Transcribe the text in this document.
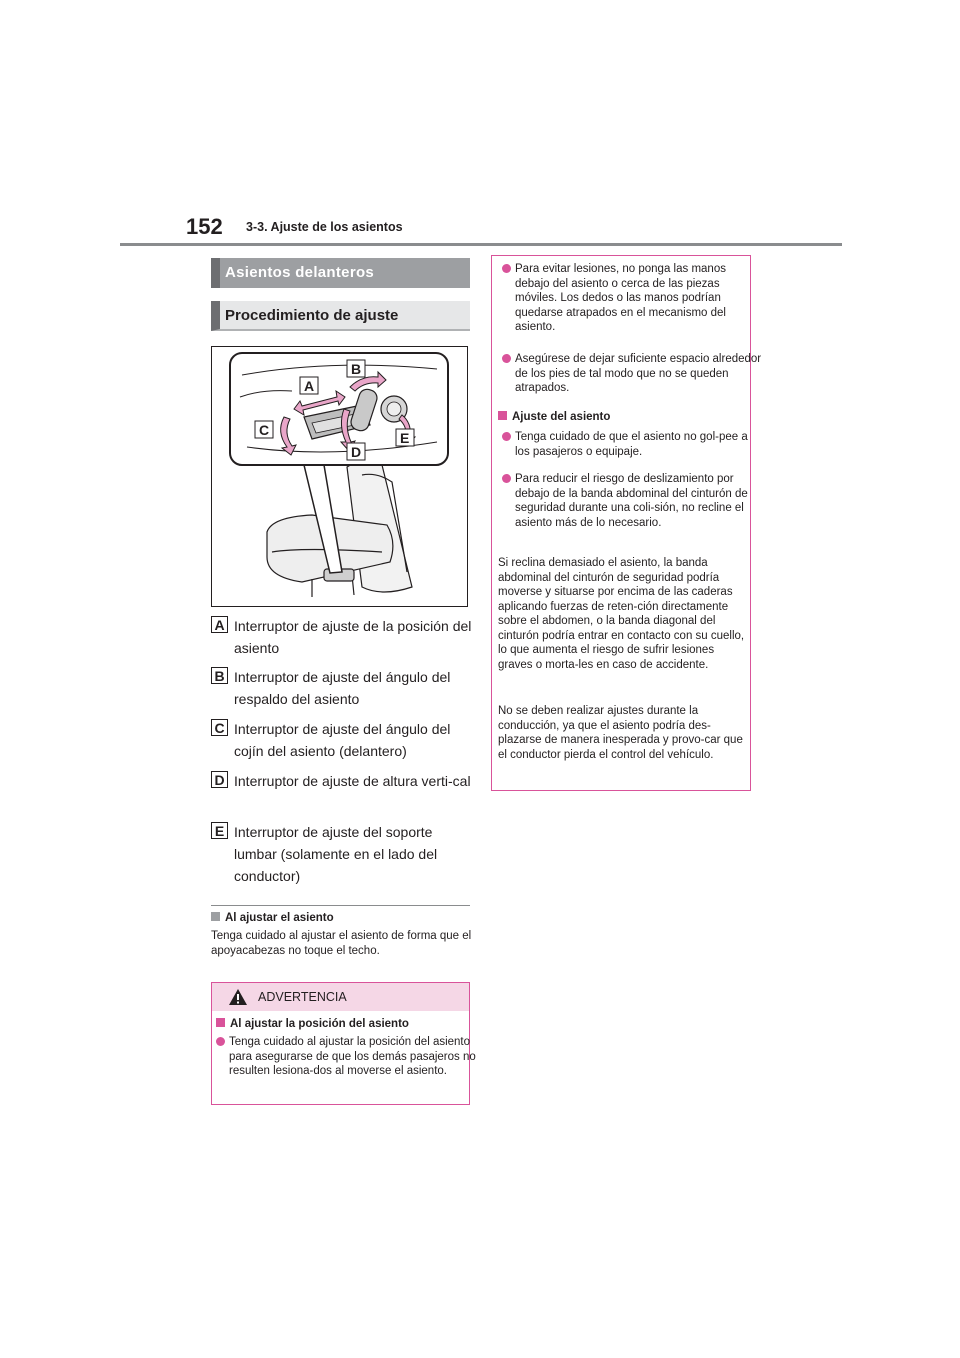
152 3-3. Ajuste de los asientos
Asientos delanteros
Procedimiento de ajuste
A
B
C
D
E
A Interruptor de ajuste de la posición del asiento
B Interruptor de ajuste del ángulo del respaldo del asiento
C Interruptor de ajuste del ángulo del cojín del asiento (delantero)
D Interruptor de ajuste de altura verti-cal
E Interruptor de ajuste del soporte lumbar (solamente en el lado del conductor)
Al ajustar el asiento
Tenga cuidado al ajustar el asiento de forma que el apoyacabezas no toque el techo.
ADVERTENCIA
Al ajustar la posición del asiento
Tenga cuidado al ajustar la posición del asiento para asegurarse de que los demás pasajeros no resulten lesiona-dos al moverse el asiento.
Para evitar lesiones, no ponga las manos debajo del asiento o cerca de las piezas móviles. Los dedos o las manos podrían quedarse atrapados en el mecanismo del asiento.
Asegúrese de dejar suficiente espacio alrededor de los pies de tal modo que no se queden atrapados.
Ajuste del asiento
Tenga cuidado de que el asiento no gol-pee a los pasajeros o equipaje.
Para reducir el riesgo de deslizamiento por debajo de la banda abdominal del cinturón de seguridad durante una coli-sión, no recline el asiento más de lo necesario.
Si reclina demasiado el asiento, la banda abdominal del cinturón de seguridad podría moverse y situarse por encima de las caderas aplicando fuerzas de reten-ción directamente sobre el abdomen, o la banda diagonal del cinturón podría entrar en contacto con su cuello, lo que aumenta el riesgo de sufrir lesiones graves o morta-les en caso de accidente.
No se deben realizar ajustes durante la conducción, ya que el asiento podría des-plazarse de manera inesperada y provo-car que el conductor pierda el control del vehículo.
